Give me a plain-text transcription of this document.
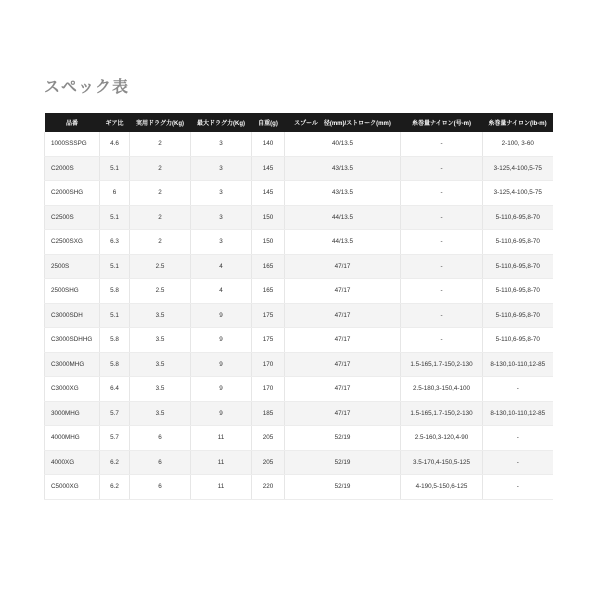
スペック表
品番	ギア比	実用ドラグ力(Kg)	最大ドラグ力(Kg)	自重(g)	スプール　径(mm)/ストローク(mm)	糸巻量ナイロン(号-m)	糸巻量ナイロン(lb-m)
1000SSSPG	4.6	2	3	140	40/13.5	-	2-100, 3-60
C2000S	5.1	2	3	145	43/13.5	-	3-125,4-100,5-75
C2000SHG	6	2	3	145	43/13.5	-	3-125,4-100,5-75
C2500S	5.1	2	3	150	44/13.5	-	5-110,6-95,8-70
C2500SXG	6.3	2	3	150	44/13.5	-	5-110,6-95,8-70
2500S	5.1	2.5	4	165	47/17	-	5-110,6-95,8-70
2500SHG	5.8	2.5	4	165	47/17	-	5-110,6-95,8-70
C3000SDH	5.1	3.5	9	175	47/17	-	5-110,6-95,8-70
C3000SDHHG	5.8	3.5	9	175	47/17	-	5-110,6-95,8-70
C3000MHG	5.8	3.5	9	170	47/17	1.5-165,1.7-150,2-130	8-130,10-110,12-85
C3000XG	6.4	3.5	9	170	47/17	2.5-180,3-150,4-100	-
3000MHG	5.7	3.5	9	185	47/17	1.5-165,1.7-150,2-130	8-130,10-110,12-85
4000MHG	5.7	6	11	205	52/19	2.5-160,3-120,4-90	-
4000XG	6.2	6	11	205	52/19	3.5-170,4-150,5-125	-
C5000XG	6.2	6	11	220	52/19	4-190,5-150,6-125	-
